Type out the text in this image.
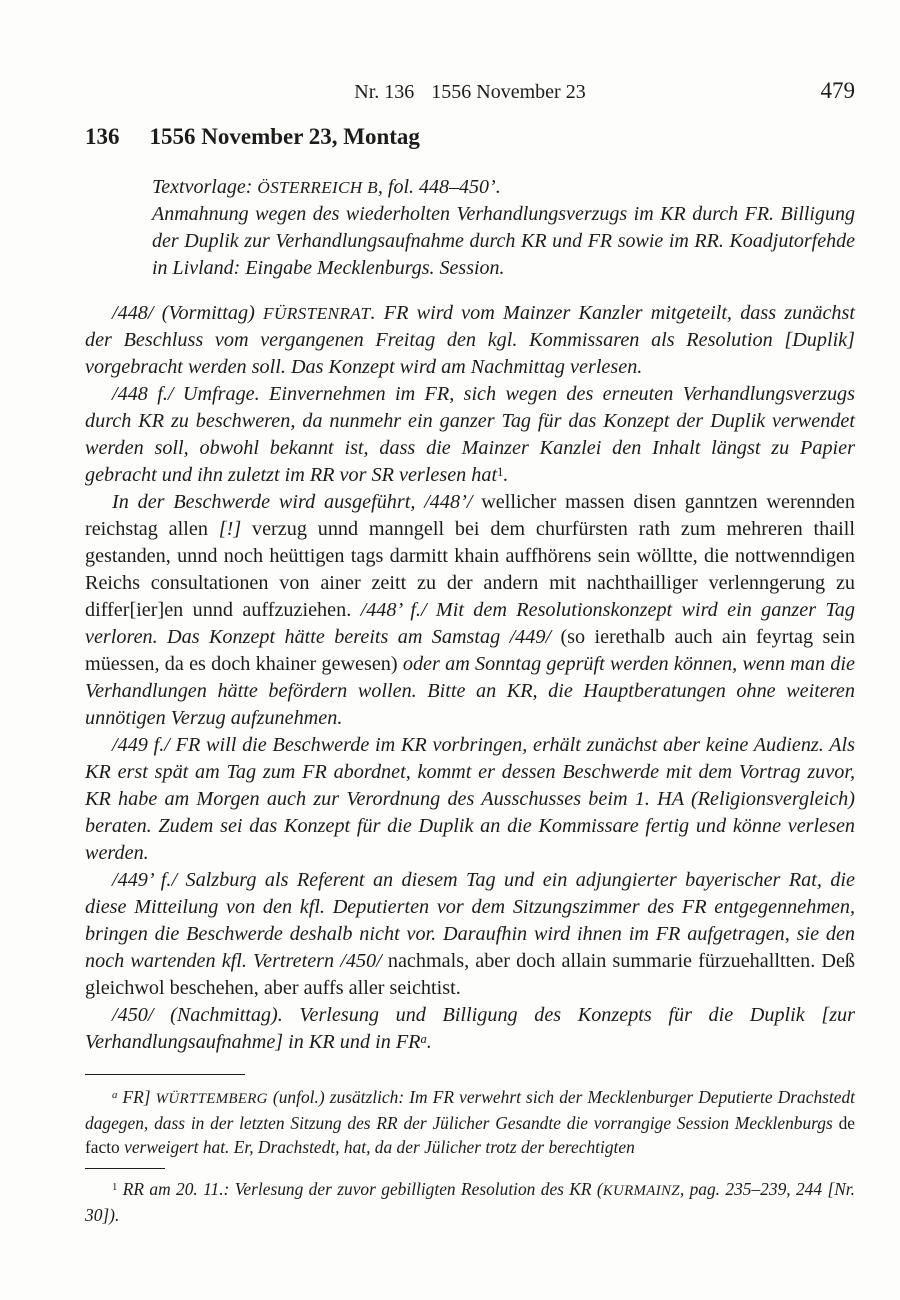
Nr. 136 1556 November 23	479
136 1556 November 23, Montag

Textvorlage: ÖSTERREICH B, fol. 448–450’.

Anmahnung wegen des wiederholten Verhandlungsverzugs im KR durch FR. Billigung der Duplik zur Verhandlungsaufnahme durch KR und FR sowie im RR. Koadjutorfehde in Livland: Eingabe Mecklenburgs. Session.

/448/ (Vormittag) FÜRSTENRAT. FR wird vom Mainzer Kanzler mitgeteilt, dass zunächst der Beschluss vom vergangenen Freitag den kgl. Kommissaren als Resolution [Duplik] vorgebracht werden soll. Das Konzept wird am Nachmittag verlesen.

/448 f./ Umfrage. Einvernehmen im FR, sich wegen des erneuten Verhandlungsverzugs durch KR zu beschweren, da nunmehr ein ganzer Tag für das Konzept der Duplik verwendet werden soll, obwohl bekannt ist, dass die Mainzer Kanzlei den Inhalt längst zu Papier gebracht und ihn zuletzt im RR vor SR verlesen hat$^1$.

In der Beschwerde wird ausgeführt, /448’/ wellicher massen disen ganntzen werennden reichstag allen [!] verzug unnd manngell bei dem churfürsten rath zum mehreren thaill gestanden, unnd noch heüttigen tags darmitt khain auffhörens sein wölltte, die nottwenndigen Reichs consultationen von ainer zeitt zu der andern mit nachthailliger verlenngerung zu differ[ier]en unnd auffzuziehen. /448’ f./ Mit dem Resolutionskonzept wird ein ganzer Tag verloren. Das Konzept hätte bereits am Samstag /449/ (so ierethalb auch ain feyrtag sein müessen, da es doch khainer gewesen) oder am Sonntag geprüft werden können, wenn man die Verhandlungen hätte befördern wollen. Bitte an KR, die Hauptberatungen ohne weiteren unnötigen Verzug aufzunehmen.

/449 f./ FR will die Beschwerde im KR vorbringen, erhält zunächst aber keine Audienz. Als KR erst spät am Tag zum FR abordnet, kommt er dessen Beschwerde mit dem Vortrag zuvor, KR habe am Morgen auch zur Verordnung des Ausschusses beim 1. HA (Religionsvergleich) beraten. Zudem sei das Konzept für die Duplik an die Kommissare fertig und könne verlesen werden.

/449’ f./ Salzburg als Referent an diesem Tag und ein adjungierter bayerischer Rat, die diese Mitteilung von den kfl. Deputierten vor dem Sitzungszimmer des FR entgegennehmen, bringen die Beschwerde deshalb nicht vor. Daraufhin wird ihnen im FR aufgetragen, sie den noch wartenden kfl. Vertretern /450/ nachmals, aber doch allain summarie fürzuehalltten. Deß gleichwol beschehen, aber auffs aller seichtist.

/450/ (Nachmittag). Verlesung und Billigung des Konzepts für die Duplik [zur Verhandlungsaufnahme] in KR und in $FR^a$.

$^a$ FR] WÜRTTEMBERG (unfol.) zusätzlich: Im FR verwehrt sich der Mecklenburger Deputierte Drachstedt dagegen, dass in der letzten Sitzung des RR der Jülicher Gesandte die vorrangige Session Mecklenburgs de facto verweigert hat. Er, Drachstedt, hat, da der Jülicher trotz der berechtigten

$^1$ RR am 20. 11.: Verlesung der zuvor gebilligten Resolution des KR (KURMAINZ, pag. 235–239, 244 [Nr. 30]).
